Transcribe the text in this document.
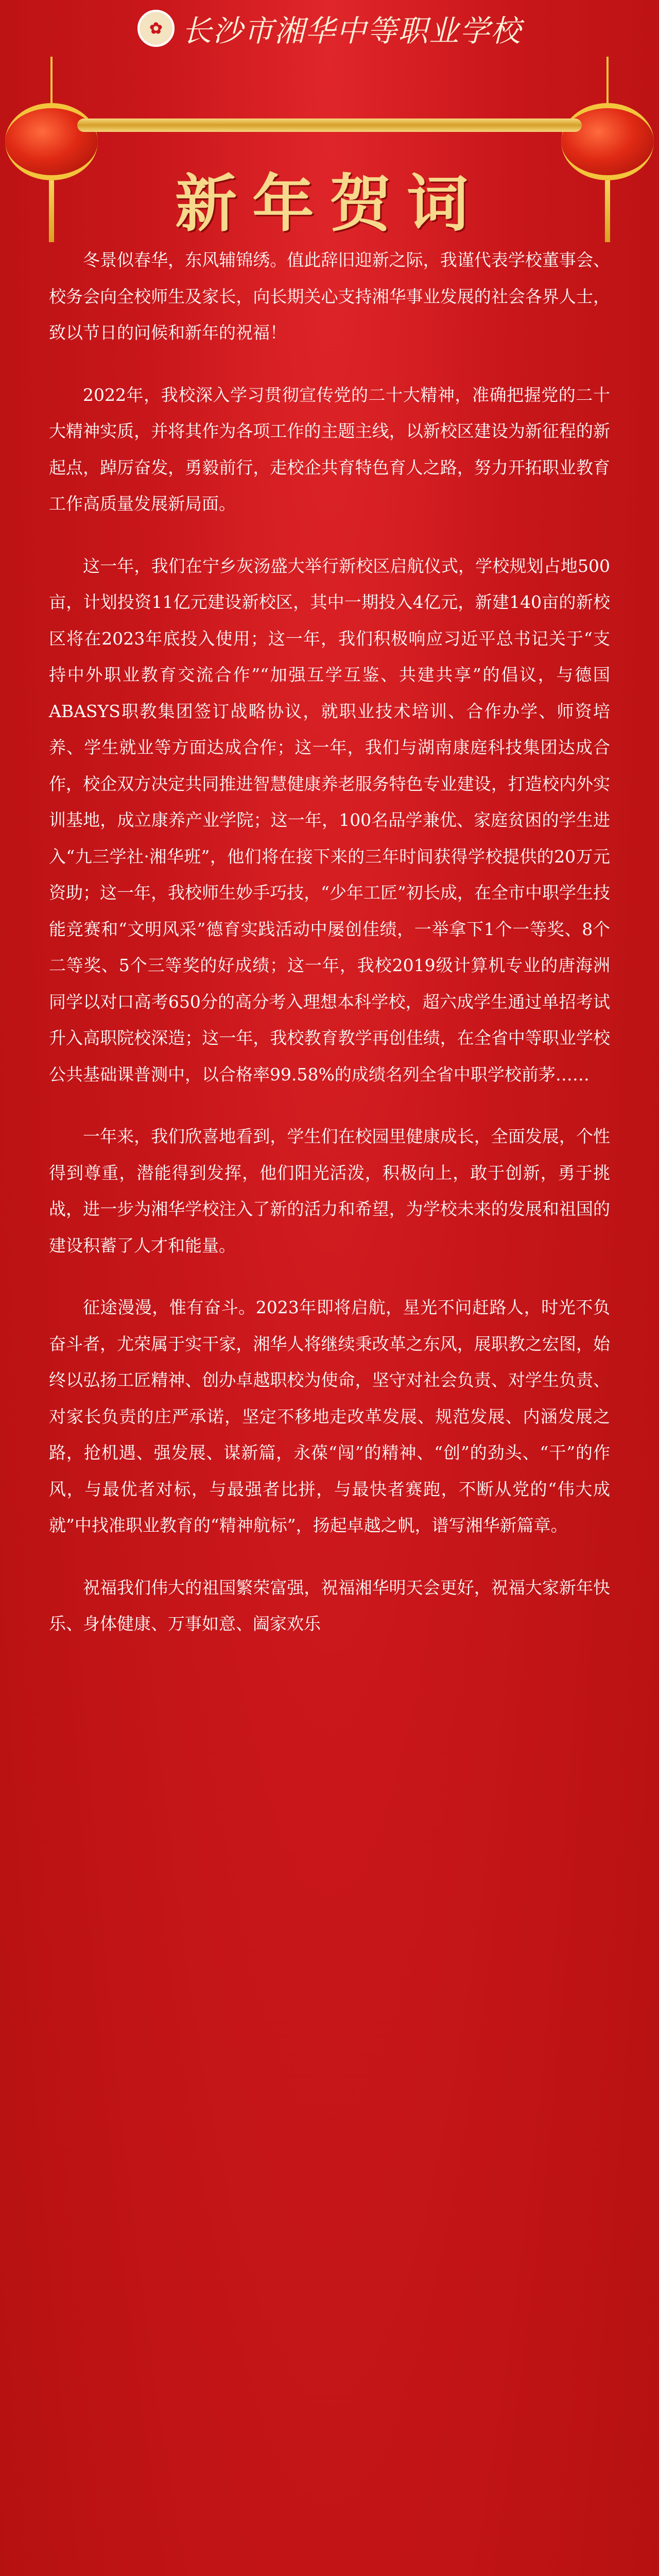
✿ 长沙市湘华中等职业学校
新年贺词

冬景似春华，东风辅锦绣。值此辞旧迎新之际，我谨代表学校董事会、校务会向全校师生及家长，向长期关心支持湘华事业发展的社会各界人士，致以节日的问候和新年的祝福！

2022年，我校深入学习贯彻宣传党的二十大精神，准确把握党的二十大精神实质，并将其作为各项工作的主题主线，以新校区建设为新征程的新起点，踔厉奋发，勇毅前行，走校企共育特色育人之路，努力开拓职业教育工作高质量发展新局面。

这一年，我们在宁乡灰汤盛大举行新校区启航仪式，学校规划占地500亩，计划投资11亿元建设新校区，其中一期投入4亿元，新建140亩的新校区将在2023年底投入使用；这一年，我们积极响应习近平总书记关于“支持中外职业教育交流合作”“加强互学互鉴、共建共享”的倡议，与德国ABASYS职教集团签订战略协议，就职业技术培训、合作办学、师资培养、学生就业等方面达成合作；这一年，我们与湖南康庭科技集团达成合作，校企双方决定共同推进智慧健康养老服务特色专业建设，打造校内外实训基地，成立康养产业学院；这一年，100名品学兼优、家庭贫困的学生进入“九三学社·湘华班”，他们将在接下来的三年时间获得学校提供的20万元资助；这一年，我校师生妙手巧技，“少年工匠”初长成，在全市中职学生技能竞赛和“文明风采”德育实践活动中屡创佳绩，一举拿下1个一等奖、8个二等奖、5个三等奖的好成绩；这一年，我校2019级计算机专业的唐海洲同学以对口高考650分的高分考入理想本科学校，超六成学生通过单招考试升入高职院校深造；这一年，我校教育教学再创佳绩，在全省中等职业学校公共基础课普测中，以合格率99.58%的成绩名列全省中职学校前茅……

一年来，我们欣喜地看到，学生们在校园里健康成长，全面发展，个性得到尊重，潜能得到发挥，他们阳光活泼，积极向上，敢于创新，勇于挑战，进一步为湘华学校注入了新的活力和希望，为学校未来的发展和祖国的建设积蓄了人才和能量。

征途漫漫，惟有奋斗。2023年即将启航，星光不问赶路人，时光不负奋斗者，尤荣属于实干家，湘华人将继续秉改革之东风，展职教之宏图，始终以弘扬工匠精神、创办卓越职校为使命，坚守对社会负责、对学生负责、对家长负责的庄严承诺，坚定不移地走改革发展、规范发展、内涵发展之路，抢机遇、强发展、谋新篇，永葆“闯”的精神、“创”的劲头、“干”的作风，与最优者对标，与最强者比拼，与最快者赛跑，不断从党的“伟大成就”中找准职业教育的“精神航标”，扬起卓越之帆，谱写湘华新篇章。

祝福我们伟大的祖国繁荣富强，祝福湘华明天会更好，祝福大家新年快乐、身体健康、万事如意、阖家欢乐
